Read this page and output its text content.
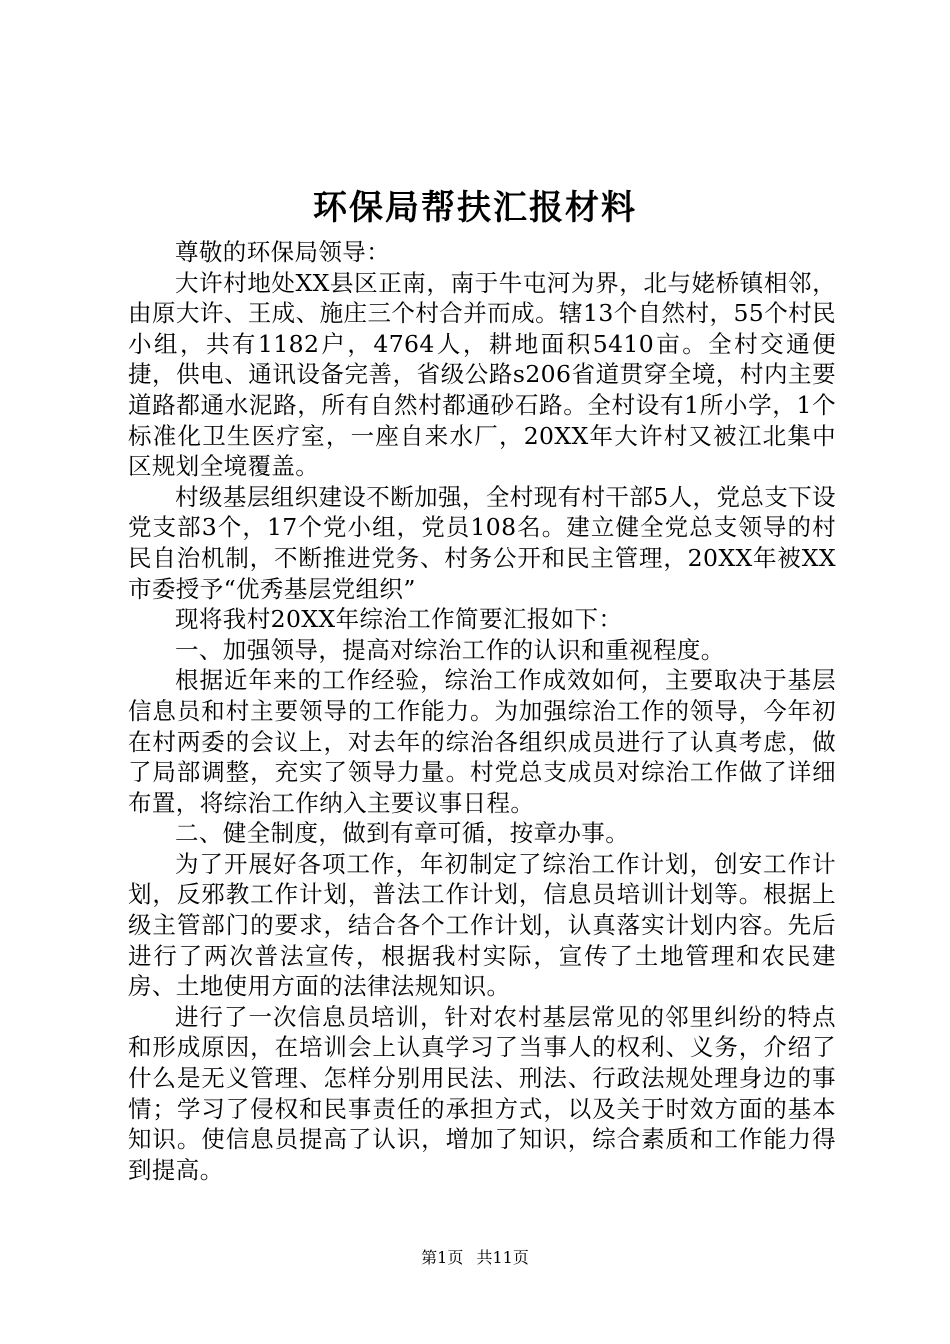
环保局帮扶汇报材料

尊敬的环保局领导：

大许村地处XX县区正南，南于牛屯河为界，北与姥桥镇相邻，由原大许、王成、施庄三个村合并而成。辖13个自然村，55个村民小组，共有1182户，4764人，耕地面积5410亩。全村交通便捷，供电、通讯设备完善，省级公路s206省道贯穿全境，村内主要道路都通水泥路，所有自然村都通砂石路。全村设有1所小学，1个标准化卫生医疗室，一座自来水厂，20XX年大许村又被江北集中区规划全境覆盖。

村级基层组织建设不断加强，全村现有村干部5人，党总支下设党支部3个，17个党小组，党员108名。建立健全党总支领导的村民自治机制，不断推进党务、村务公开和民主管理，20XX年被XX市委授予“优秀基层党组织”

现将我村20XX年综治工作简要汇报如下：

一、加强领导，提高对综治工作的认识和重视程度。

根据近年来的工作经验，综治工作成效如何，主要取决于基层信息员和村主要领导的工作能力。为加强综治工作的领导，今年初在村两委的会议上，对去年的综治各组织成员进行了认真考虑，做了局部调整，充实了领导力量。村党总支成员对综治工作做了详细布置，将综治工作纳入主要议事日程。

二、健全制度，做到有章可循，按章办事。

为了开展好各项工作，年初制定了综治工作计划，创安工作计划，反邪教工作计划，普法工作计划，信息员培训计划等。根据上级主管部门的要求，结合各个工作计划，认真落实计划内容。先后进行了两次普法宣传，根据我村实际，宣传了土地管理和农民建房、土地使用方面的法律法规知识。

进行了一次信息员培训，针对农村基层常见的邻里纠纷的特点和形成原因，在培训会上认真学习了当事人的权利、义务，介绍了什么是无义管理、怎样分别用民法、刑法、行政法规处理身边的事情；学习了侵权和民事责任的承担方式，以及关于时效方面的基本知识。使信息员提高了认识，增加了知识，综合素质和工作能力得到提高。

第1页 共11页
